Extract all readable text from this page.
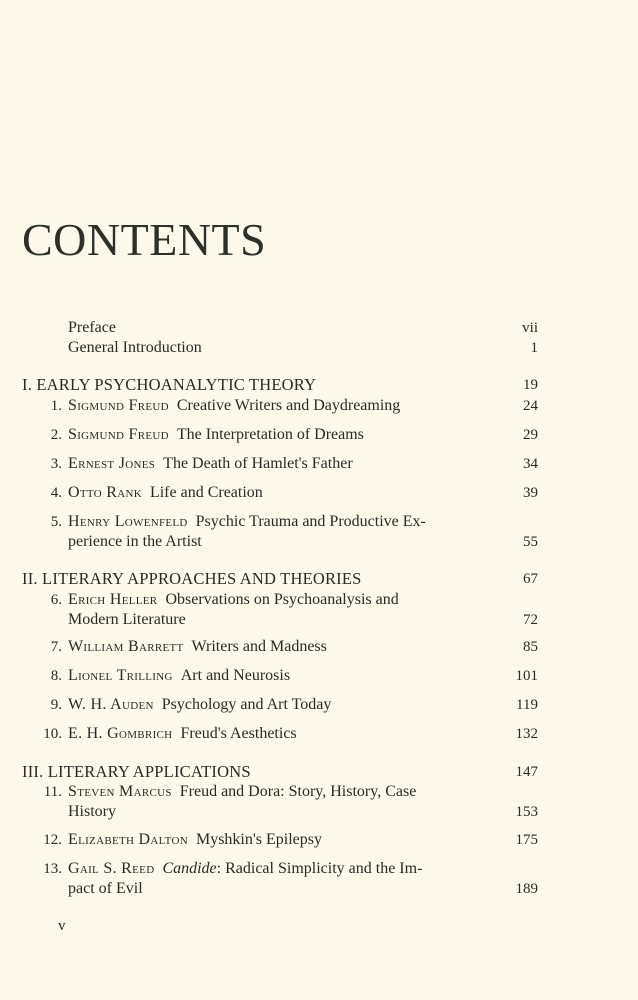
CONTENTS
Preface	vii
General Introduction	1
I. EARLY PSYCHOANALYTIC THEORY	19
1. Sigmund Freud Creative Writers and Daydreaming	24
2. Sigmund Freud The Interpretation of Dreams	29
3. Ernest Jones The Death of Hamlet's Father	34
4. Otto Rank Life and Creation	39
5. Henry Lowenfeld Psychic Trauma and Productive Ex-
perience in the Artist	55
II. LITERARY APPROACHES AND THEORIES	67
6. Erich Heller Observations on Psychoanalysis and
Modern Literature	72
7. William Barrett Writers and Madness	85
8. Lionel Trilling Art and Neurosis	101
9. W. H. Auden Psychology and Art Today	119
10. E. H. Gombrich Freud's Aesthetics	132
III. LITERARY APPLICATIONS	147
11. Steven Marcus Freud and Dora: Story, History, Case
History	153
12. Elizabeth Dalton Myshkin's Epilepsy	175
13. Gail S. Reed Candide: Radical Simplicity and the Im-
pact of Evil	189
v
